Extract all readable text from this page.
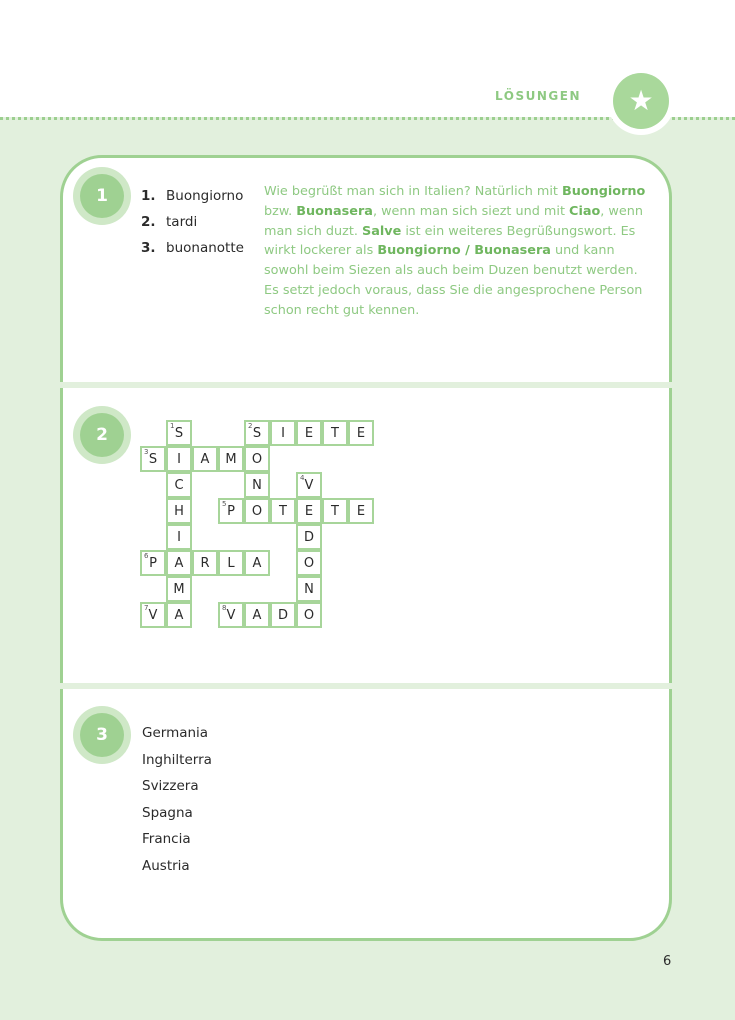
LÖSUNGEN	★
1	1. Buongiorno
2. tardi
3. buonanotte
Wie begrüßt man sich in Italien? Natürlich mit Buongiorno bzw. Buonasera, wenn man sich siezt und mit Ciao, wenn man sich duzt. Salve ist ein weiteres Begrüßungswort. Es wirkt lockerer als Buongiorno / Buonasera und kann sowohl beim Siezen als auch beim Duzen benutzt werden. Es setzt jedoch voraus, dass Sie die angesprochene Person schon recht gut kennen.
2	S
1	S
2 I E T E
S
3 I A M O
C	N	V
4
H	P
5 O T E T E
I	D
P
6 A R L A	O
M	N
V
7 A	V
8 A D O
3	Germania
Inghilterra
Svizzera
Spagna
Francia
Austria
6
